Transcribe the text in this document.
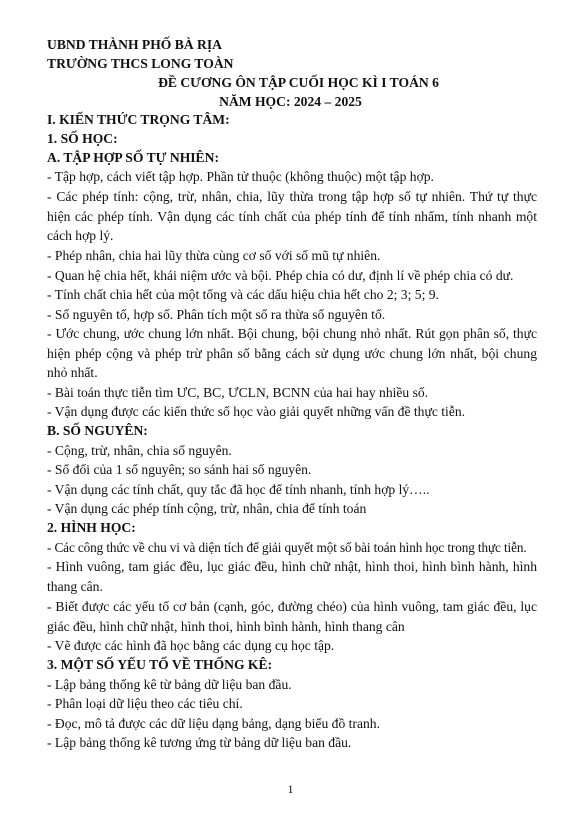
UBND THÀNH PHỐ BÀ RỊA
TRƯỜNG THCS LONG TOÀN
ĐỀ CƯƠNG ÔN TẬP CUỐI HỌC KÌ I TOÁN 6
NĂM HỌC: 2024 – 2025
I. KIẾN THỨC TRỌNG TÂM:
1. SỐ HỌC:
A. TẬP HỢP SỐ TỰ NHIÊN:
- Tập hợp, cách viết tập hợp. Phần tử thuộc (không thuộc) một tập hợp.
- Các phép tính: cộng, trừ, nhân, chia, lũy thừa trong tập hợp số tự nhiên. Thứ tự thực hiện các phép tính. Vận dụng các tính chất của phép tính để tính nhẩm, tính nhanh một cách hợp lý.
- Phép nhân, chia hai lũy thừa cùng cơ số với số mũ tự nhiên.
- Quan hệ chia hết, khái niệm ước và bội. Phép chia có dư, định lí về phép chia có dư.
- Tính chất chia hết của một tổng và các dấu hiệu chia hết cho 2; 3; 5; 9.
- Số nguyên tố, hợp số. Phân tích một số ra thừa số nguyên tố.
- Ước chung, ước chung lớn nhất. Bội chung, bội chung nhỏ nhất. Rút gọn phân số, thực hiện phép cộng và phép trừ phân số bằng cách sử dụng ước chung lớn nhất, bội chung nhỏ nhất.
- Bài toán thực tiễn tìm ƯC, BC, ƯCLN, BCNN của hai hay nhiều số.
- Vận dụng được các kiến thức số học vào giải quyết những vấn đề thực tiễn.
B. SỐ NGUYÊN:
- Cộng, trừ, nhân, chia số nguyên.
- Số đối của 1 số nguyên; so sánh hai số nguyên.
- Vận dụng các tính chất, quy tắc đã học để tính nhanh, tính hợp lý…..
- Vận dụng các phép tính cộng, trừ, nhân, chia để tính toán
2. HÌNH HỌC:
- Các công thức về chu vi và diện tích để giải quyết một số bài toán hình học trong thực tiễn.
- Hình vuông, tam giác đều, lục giác đều, hình chữ nhật, hình thoi, hình bình hành, hình thang cân.
- Biết được các yếu tố cơ bản (cạnh, góc, đường chéo) của hình vuông, tam giác đều, lục giác đều, hình chữ nhật, hình thoi, hình bình hành, hình thang cân
- Vẽ được các hình đã học bằng các dụng cụ học tập.
3. MỘT SỐ YẾU TỐ VỀ THỐNG KÊ:
- Lập bảng thống kê từ bảng dữ liệu ban đầu.
- Phân loại dữ liệu theo các tiêu chí.
- Đọc, mô tả được các dữ liệu dạng bảng, dạng biểu đồ tranh.
- Lập bảng thống kê tương ứng từ bảng dữ liệu ban đầu.
1
